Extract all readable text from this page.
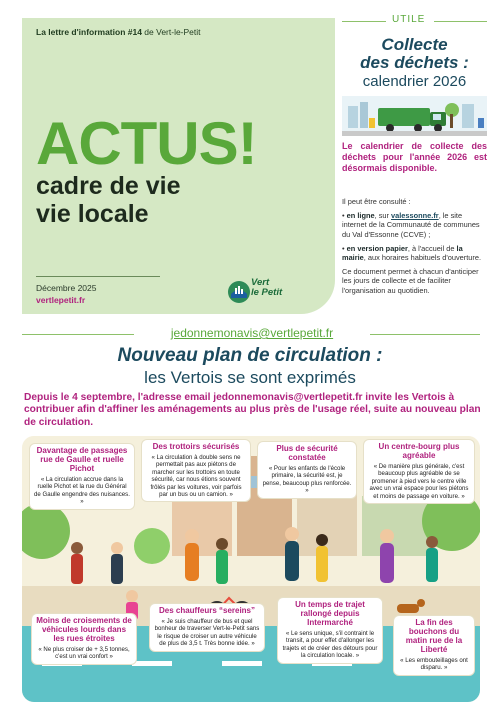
La lettre d'information #14 de Vert-le-Petit
ACTUS!
cadre de vie
vie locale
Décembre 2025
vertlepetit.fr
Vert
le Petit
UTILE
Collecte
des déchets :
calendrier 2026
Le calendrier de collecte des déchets pour l'année 2026 est désormais disponible.

Il peut être consulté :

• en ligne, sur valessonne.fr, le site internet de la Communauté de communes du Val d'Essonne (CCVE) ;

• en version papier, à l'accueil de la mairie, aux horaires habituels d'ouverture.

Ce document permet à chacun d'anticiper les jours de collecte et de faciliter l'organisation au quotidien.

jedonnemonavis@vertlepetit.fr
Nouveau plan de circulation :
les Vertois se sont exprimés
Depuis le 4 septembre, l'adresse email jedonnemonavis@vertlepetit.fr invite les Vertois à contribuer afin d'affiner les aménagements au plus près de l'usage réel, suite au nouveau plan de circulation.
Davantage de passages rue de Gaulle et ruelle Pichot
« La circulation accrue dans la ruelle Pichot et la rue du Général de Gaulle engendre des nuisances. »
Des trottoirs sécurisés
« La circulation à double sens ne permettait pas aux piétons de marcher sur les trottoirs en toute sécurité, car nous étions souvent frôlés par les voitures, voir parfois par un bus ou un camion. »
Plus de sécurité constatée
« Pour les enfants de l'école primaire, la sécurité est, je pense, beaucoup plus renforcée. »
Un centre-bourg plus agréable
« De manière plus générale, c'est beaucoup plus agréable de se promener à pied vers le centre ville avec un vrai espace pour les piétons et moins de passage en voiture. »
Moins de croisements de véhicules lourds dans les rues étroites
« Ne plus croiser de + 3,5 tonnes, c'est un vrai confort »
Des chauffeurs “sereins”
« Je suis chauffeur de bus et quel bonheur de traverser Vert-le-Petit sans le risque de croiser un autre véhicule de plus de 3,5 t. Très bonne idée. »
Un temps de trajet rallongé depuis Intermarché
« Le sens unique, s'il contraint le transit, a pour effet d'allonger les trajets et de créer des détours pour la circulation locale. »
La fin des bouchons du matin rue de la Liberté
« Les embouteillages ont disparu. »
